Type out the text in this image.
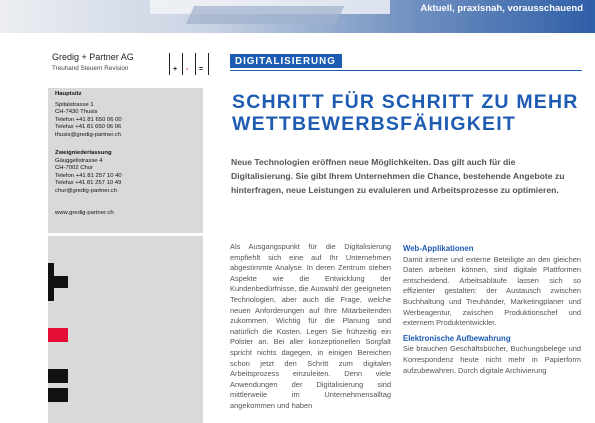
Aktuell, praxisnah, vorausschauend
Gredig + Partner AG
Treuhand Steuern Revision	+ - =
Hauptsitz
Spitalstrasse 1
CH-7430 Thusis
Telefon +41 81 650 06 00
Telefax +41 81 650 06 06
thusis@gredig-partner.ch
Zweigniederlassung
Gäuggelistrasse 4
CH-7002 Chur
Telefon +41 81 257 10 40
Telefax +41 81 257 10 49
chur@gredig-partner.ch
www.gredig-partner.ch
DIGITALISIERUNG
SCHRITT FÜR SCHRITT ZU MEHR
WETTBEWERBSFÄHIGKEIT
Neue Technologien eröffnen neue Möglichkeiten. Das gilt auch für die Digitalisierung. Sie gibt Ihrem Unternehmen die Chance, bestehende Angebote zu hinterfragen, neue Leistungen zu evaluieren und Arbeitsprozesse zu optimieren.
Als Ausgangspunkt für die Digitalisierung empfiehlt sich eine auf Ihr Unternehmen abgestimmte Analyse. In deren Zentrum stehen Aspekte wie die Entwicklung der Kundenbedürfnisse, die Auswahl der geeigneten Technologien, aber auch die Frage, welche neuen Anforderungen auf Ihre Mitarbeitenden zukommen. Wichtig für die Planung sind natürlich die Kosten. Legen Sie frühzeitig ein Polster an. Bei aller konzeptionellen Sorgfalt spricht nichts dagegen, in einigen Bereichen schon jetzt den Schritt zum digitalen Arbeitsprozess einzuleiten. Denn viele Anwendungen der Digitalisierung sind mittlerweile im Unternehmensalltag angekommen und haben
Web-Applikationen

Damit interne und externe Beteiligte an den gleichen Daten arbeiten können, sind digitale Plattformen entscheidend. Arbeitsabläufe lassen sich so effizienter gestalten: der Austausch zwischen Buchhaltung und Treuhänder, Marketingplaner und Werbeagentur, zwischen Produktionschef und externem Produktentwickler.

Elektronische Aufbewahrung

Sie brauchen Geschäftsbücher, Buchungsbelege und Korrespondenz heute nicht mehr in Papierform aufzubewahren. Durch digitale Archivierung
